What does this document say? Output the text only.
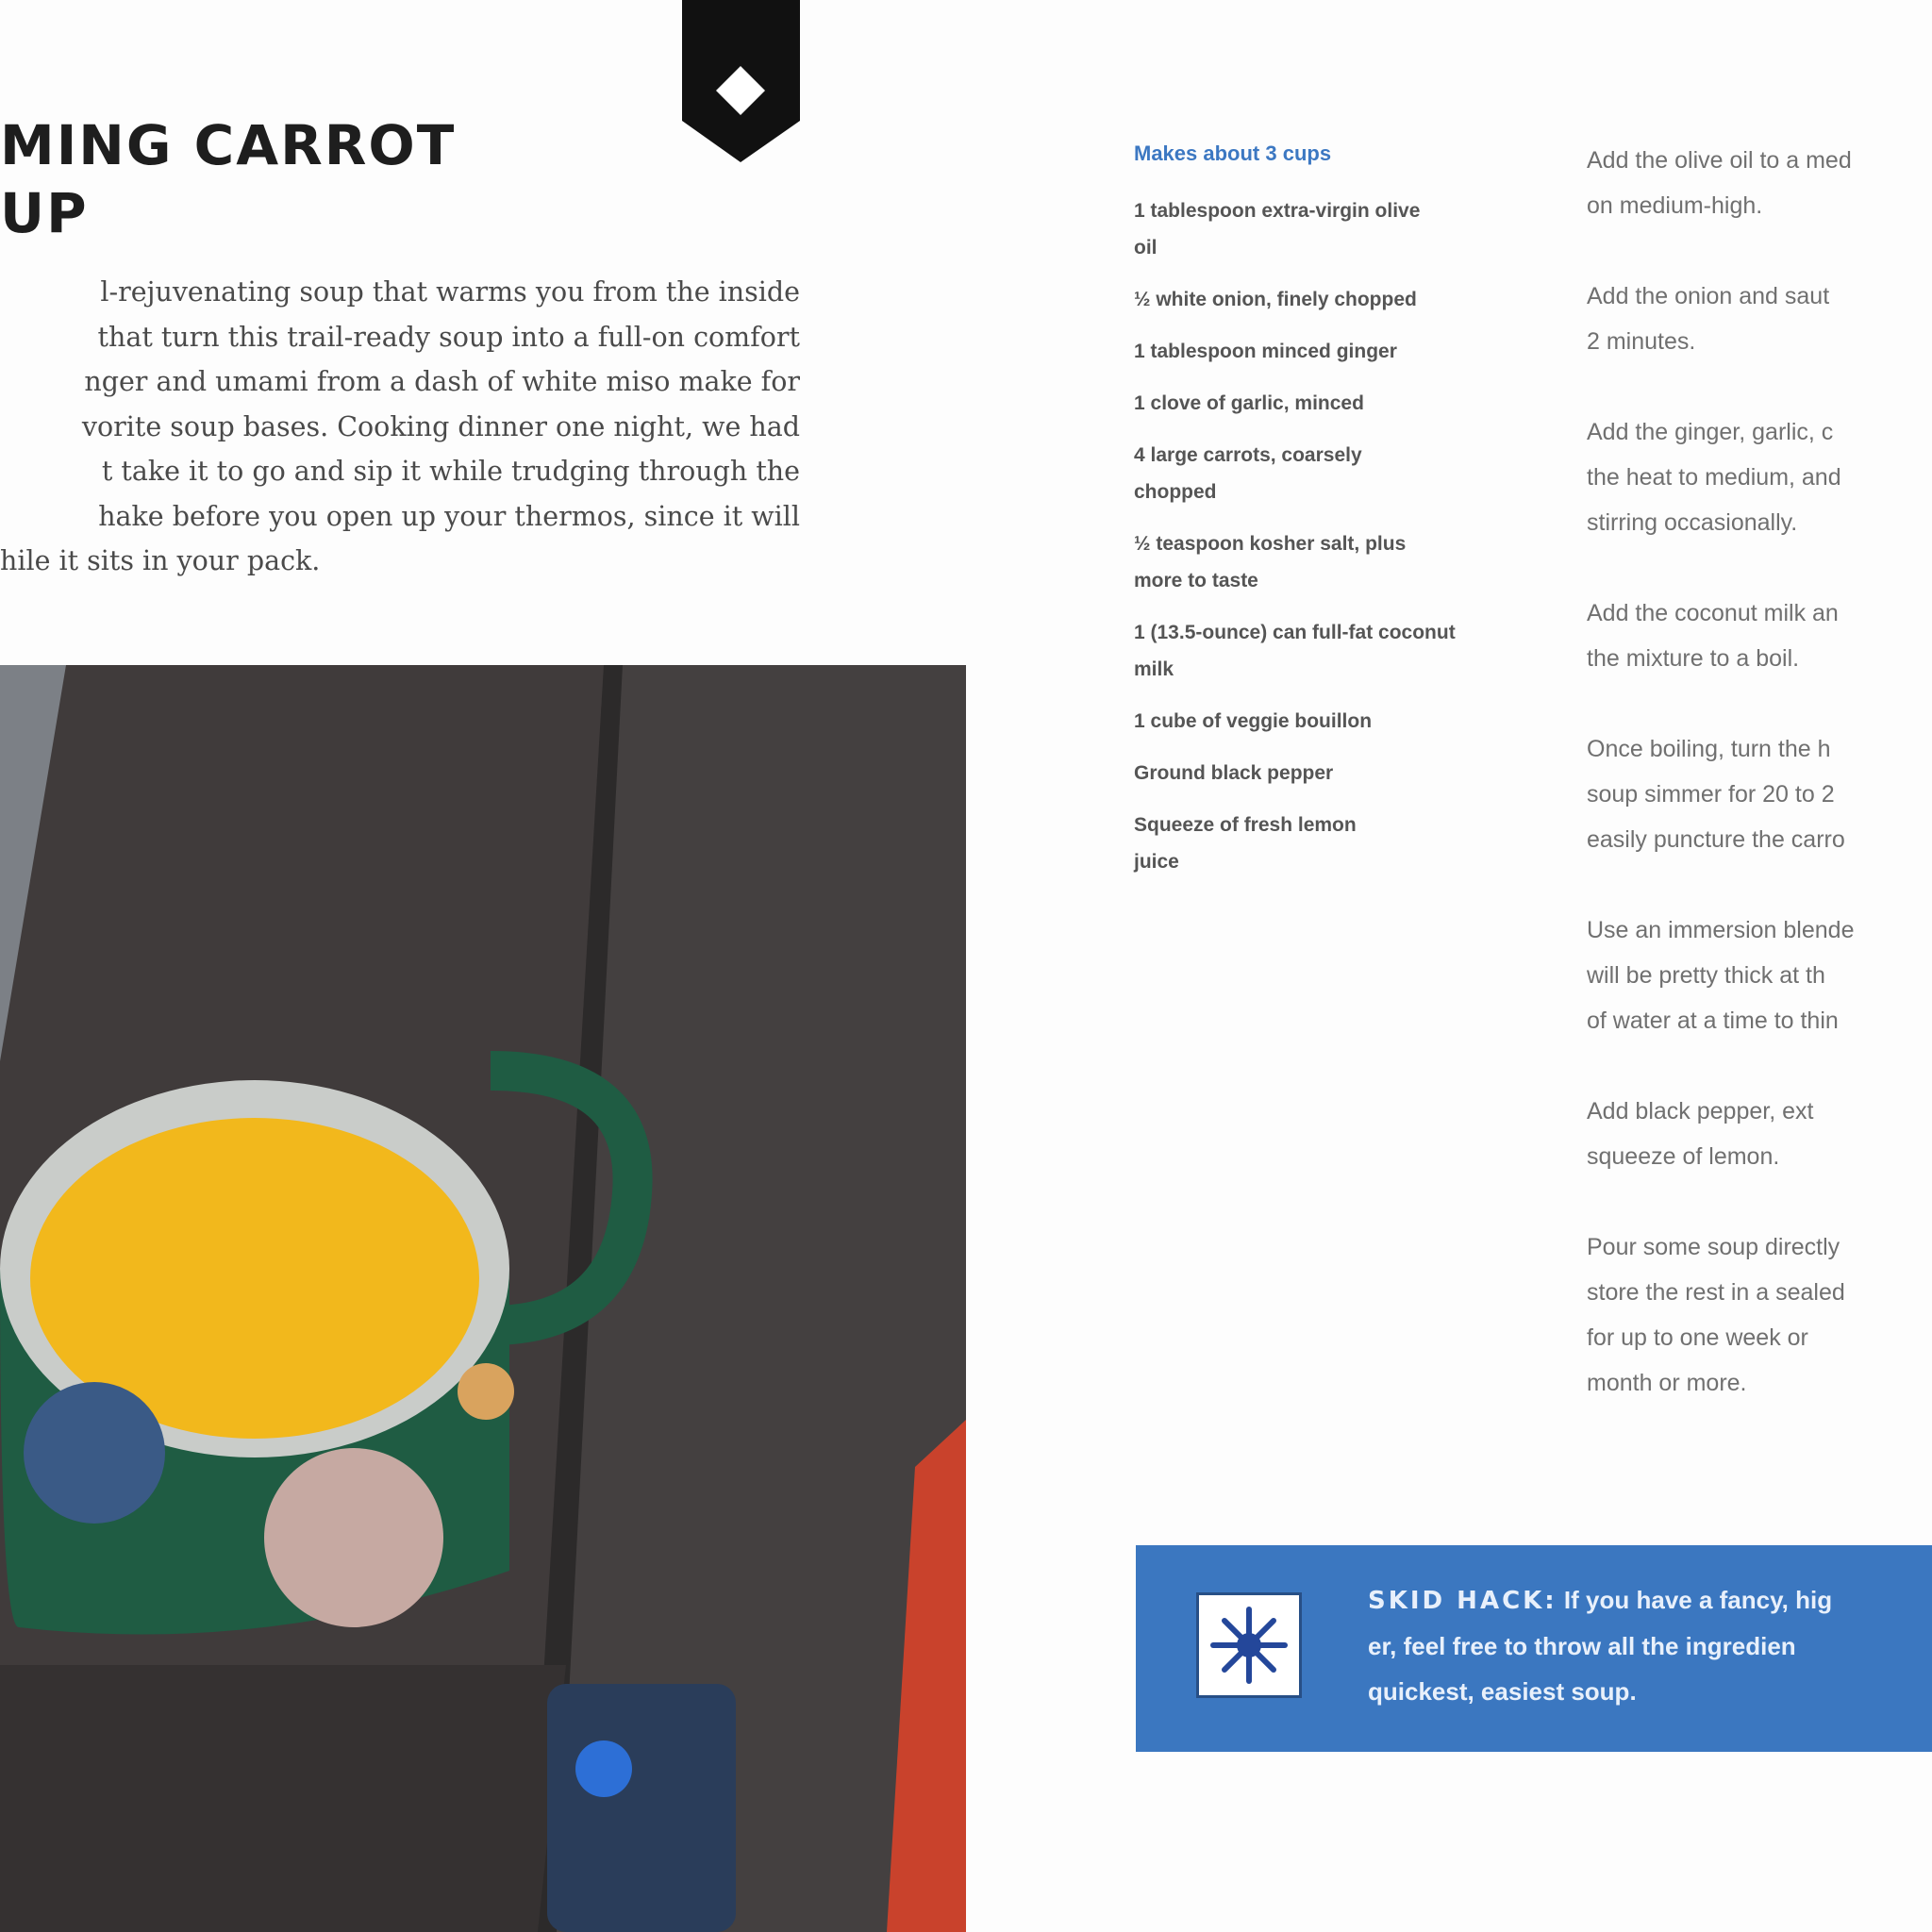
MING CARROT
UP
l-rejuvenating soup that warms you from the inside
that turn this trail-ready soup into a full-on comfort
nger and umami from a dash of white miso make for
vorite soup bases. Cooking dinner one night, we had
t take it to go and sip it while trudging through the
hake before you open up your thermos, since it will
hile it sits in your pack.
Makes about 3 cups
1 tablespoon extra-virgin olive oil
½ white onion, finely chopped
1 tablespoon minced ginger
1 clove of garlic, minced
4 large carrots, coarsely chopped
½ teaspoon kosher salt, plus more to taste
1 (13.5-ounce) can full-fat coconut milk
1 cube of veggie bouillon
Ground black pepper
Squeeze of fresh lemon juice
Add the olive oil to a med
on medium-high.
Add the onion and saut
2 minutes.
Add the ginger, garlic, c
the heat to medium, and
stirring occasionally.
Add the coconut milk an
the mixture to a boil.
Once boiling, turn the h
soup simmer for 20 to 2
easily puncture the carro
Use an immersion blende
will be pretty thick at th
of water at a time to thin
Add black pepper, ext
squeeze of lemon.
Pour some soup directly
store the rest in a sealed
for up to one week or
month or more.
SKID HACK: If you have a fancy, hig
er, feel free to throw all the ingredien
quickest, easiest soup.
